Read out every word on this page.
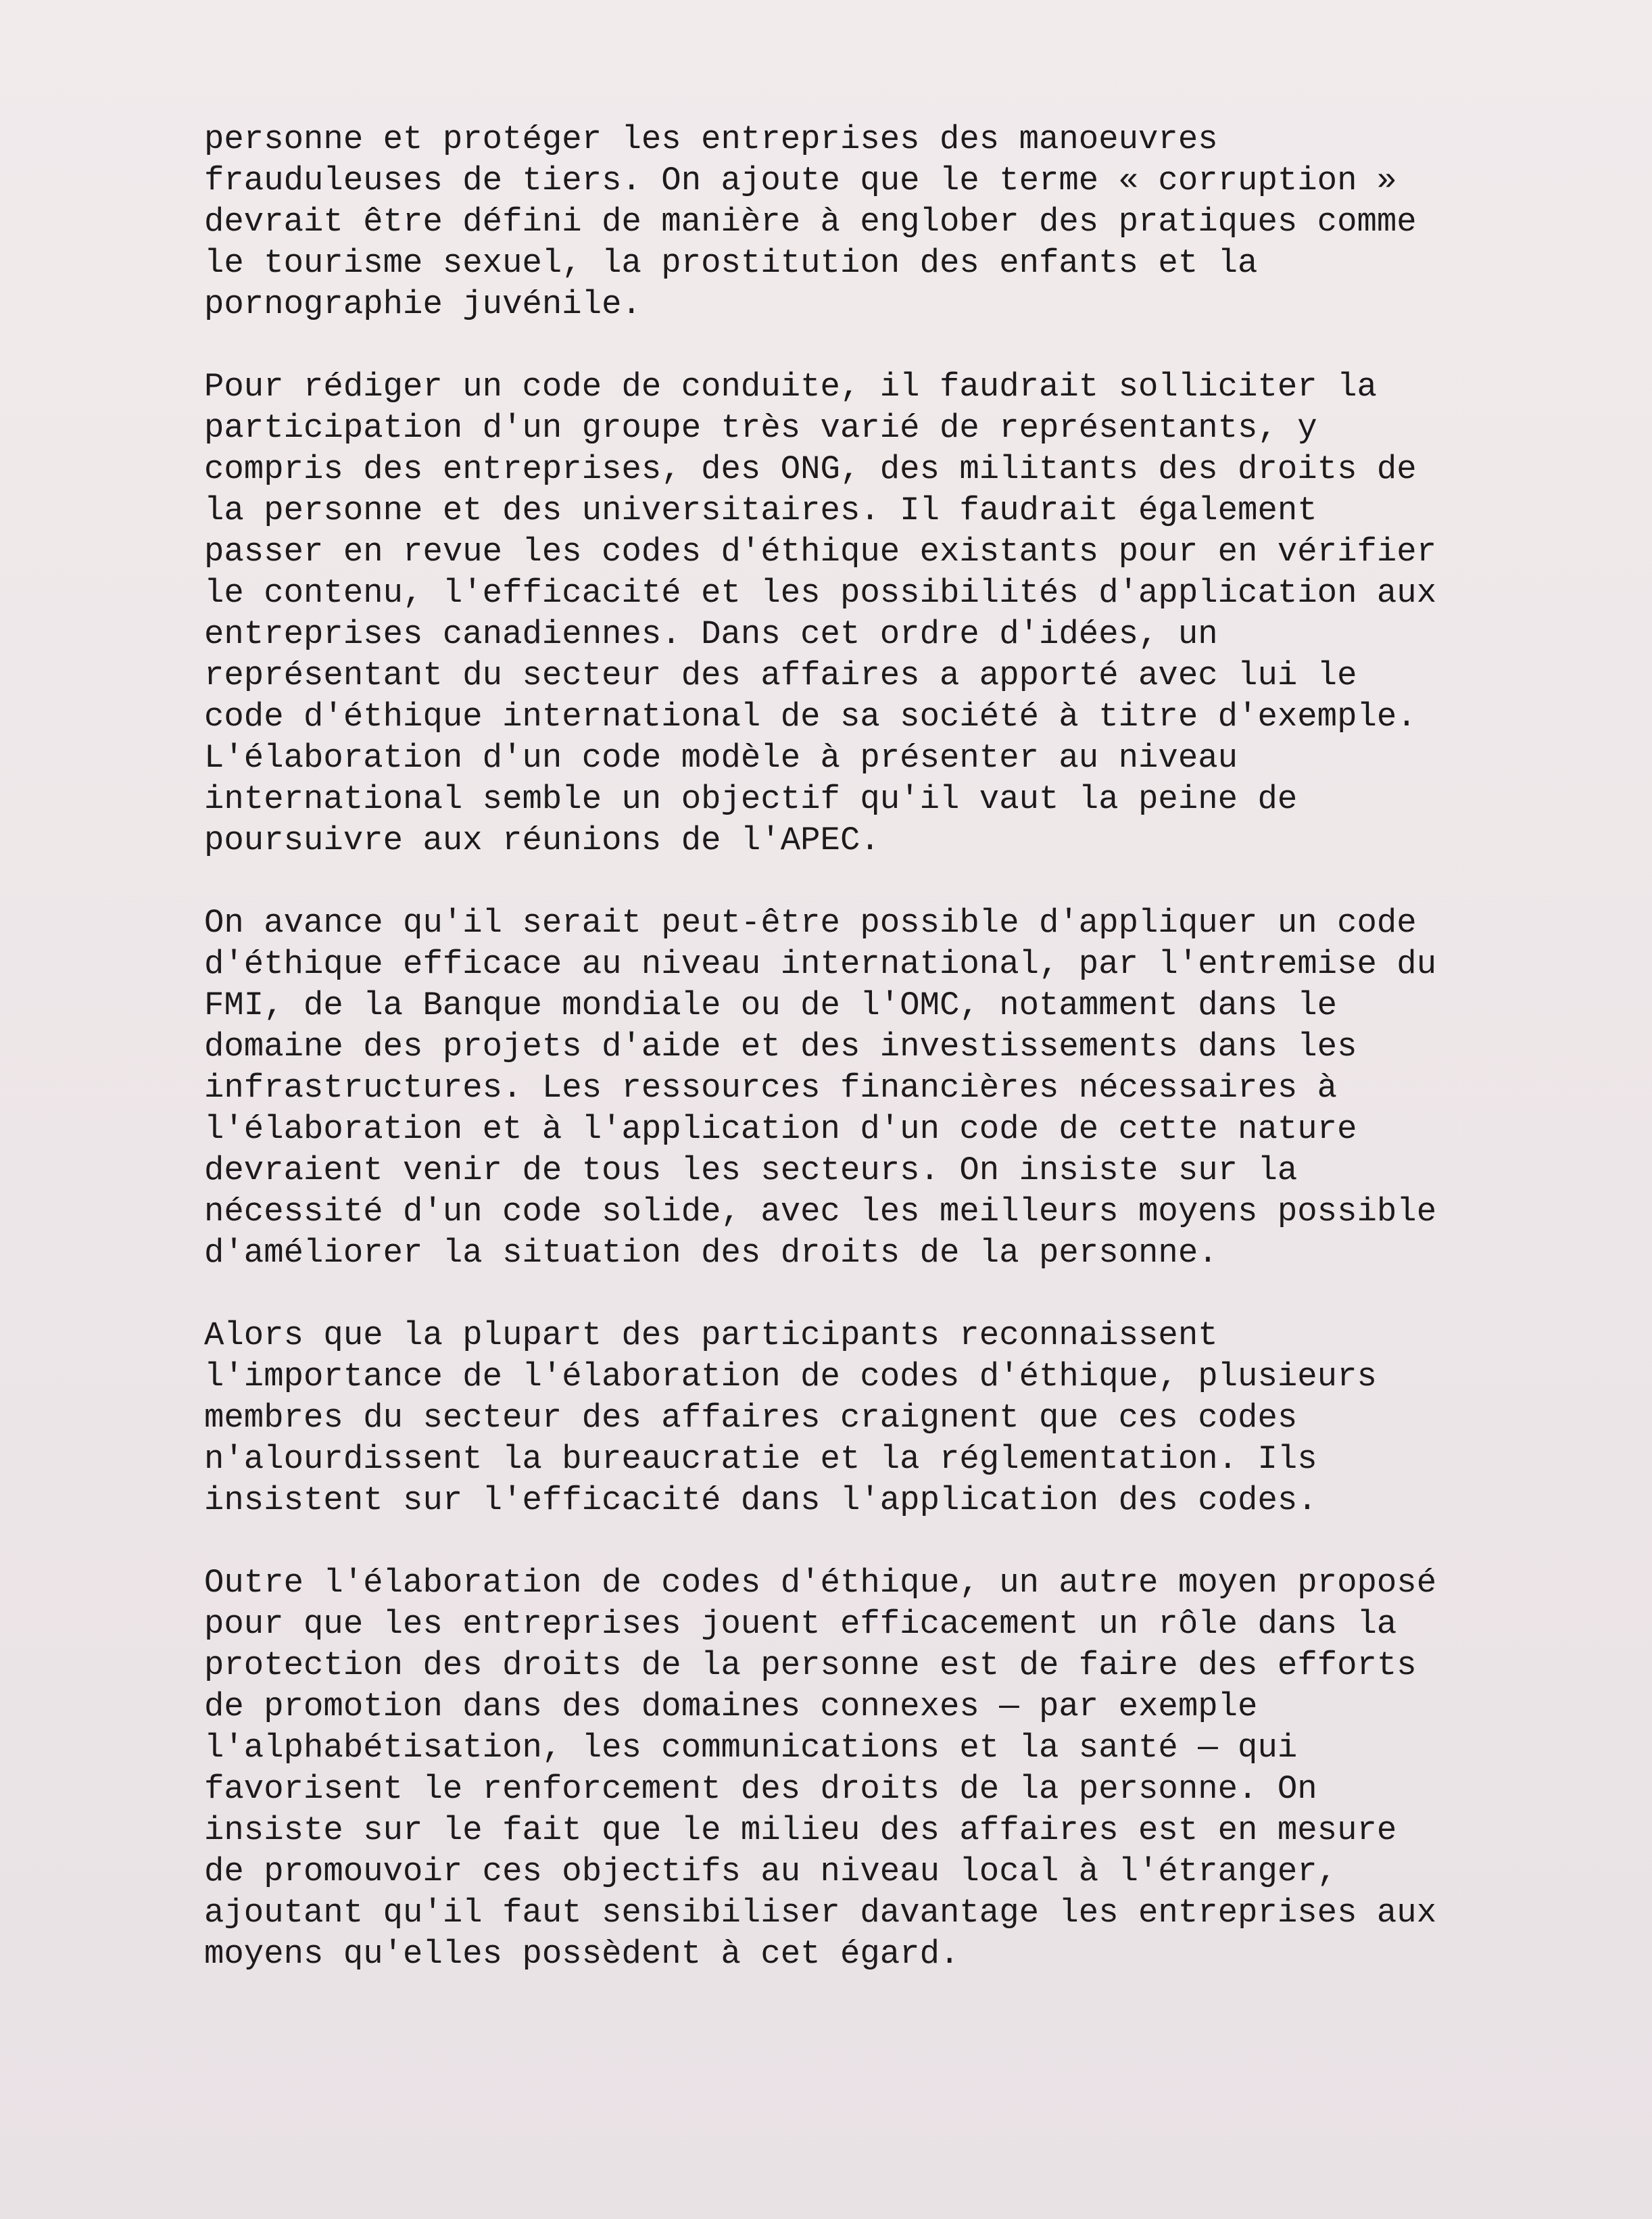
personne et protéger les entreprises des manoeuvres
frauduleuses de tiers. On ajoute que le terme « corruption »
devrait être défini de manière à englober des pratiques comme
le tourisme sexuel, la prostitution des enfants et la
pornographie juvénile.

Pour rédiger un code de conduite, il faudrait solliciter la
participation d'un groupe très varié de représentants, y
compris des entreprises, des ONG, des militants des droits de
la personne et des universitaires. Il faudrait également
passer en revue les codes d'éthique existants pour en vérifier
le contenu, l'efficacité et les possibilités d'application aux
entreprises canadiennes. Dans cet ordre d'idées, un
représentant du secteur des affaires a apporté avec lui le
code d'éthique international de sa société à titre d'exemple.
L'élaboration d'un code modèle à présenter au niveau
international semble un objectif qu'il vaut la peine de
poursuivre aux réunions de l'APEC.

On avance qu'il serait peut-être possible d'appliquer un code
d'éthique efficace au niveau international, par l'entremise du
FMI, de la Banque mondiale ou de l'OMC, notamment dans le
domaine des projets d'aide et des investissements dans les
infrastructures. Les ressources financières nécessaires à
l'élaboration et à l'application d'un code de cette nature
devraient venir de tous les secteurs. On insiste sur la
nécessité d'un code solide, avec les meilleurs moyens possible
d'améliorer la situation des droits de la personne.

Alors que la plupart des participants reconnaissent
l'importance de l'élaboration de codes d'éthique, plusieurs
membres du secteur des affaires craignent que ces codes
n'alourdissent la bureaucratie et la réglementation. Ils
insistent sur l'efficacité dans l'application des codes.

Outre l'élaboration de codes d'éthique, un autre moyen proposé
pour que les entreprises jouent efficacement un rôle dans la
protection des droits de la personne est de faire des efforts
de promotion dans des domaines connexes — par exemple
l'alphabétisation, les communications et la santé — qui
favorisent le renforcement des droits de la personne. On
insiste sur le fait que le milieu des affaires est en mesure
de promouvoir ces objectifs au niveau local à l'étranger,
ajoutant qu'il faut sensibiliser davantage les entreprises aux
moyens qu'elles possèdent à cet égard.
